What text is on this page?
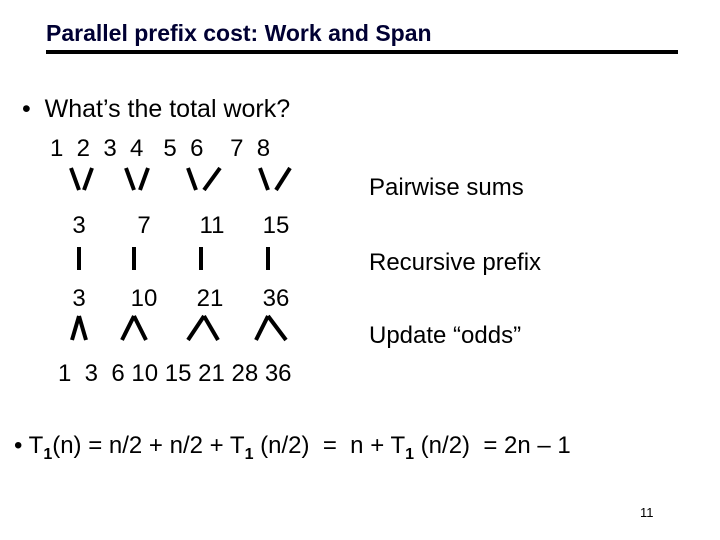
Parallel prefix cost: Work and Span
•  What’s the total work?
1  2  3  4   5  6    7  8
3	7	11	15
3	10 21 36
1  3  6 10 15 21 28 36
Pairwise sums
Recursive prefix
Update “odds”
• $T_1(n) = n/2 + n/2 + T_1$ $(n/2) = n + T_1$ (n/2)  = 2n – 1
11
